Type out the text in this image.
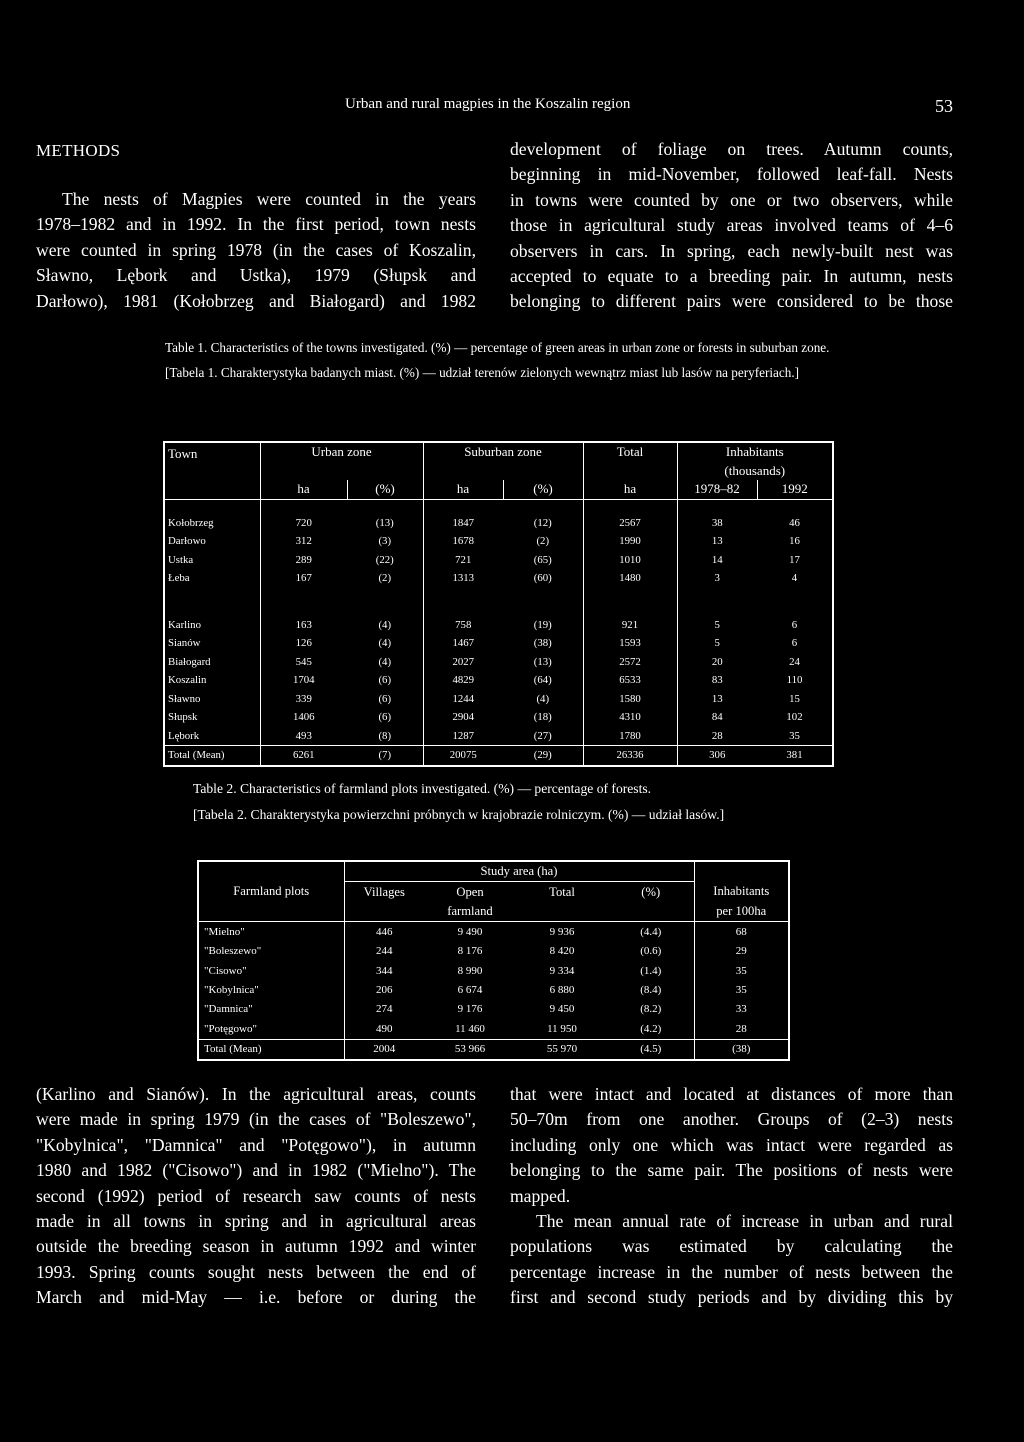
Urban and rural magpies in the Koszalin region	53
METHODS

The nests of Magpies were counted in the years

1978–1982 and in 1992. In the first period, town nests

were counted in spring 1978 (in the cases of Koszalin,

Sławno, Lębork and Ustka), 1979 (Słupsk and

Darłowo), 1981 (Kołobrzeg and Białogard) and 1982

development of foliage on trees. Autumn counts,

beginning in mid-November, followed leaf-fall. Nests

in towns were counted by one or two observers, while

those in agricultural study areas involved teams of 4–6

observers in cars. In spring, each newly-built nest was

accepted to equate to a breeding pair. In autumn, nests

belonging to different pairs were considered to be those

Table 1. Characteristics of the towns investigated. (%) — percentage of green areas in urban zone or forests in suburban zone.

[Tabela 1. Charakterystyka badanych miast. (%) — udział terenów zielonych wewnątrz miast lub lasów na peryferiach.]

Town	Urban zone		Suburban zone		Total	Inhabitants	
						(thousands)	
	ha	(%)	ha	(%)	ha	1978–82	1992

Kołobrzeg	720	(13)	1847	(12)	2567	38	46
Darłowo	312	(3)	1678	(2)	1990	13	16
Ustka	289	(22)	721	(65)	1010	14	17
Łeba	167	(2)	1313	(60)	1480	3	4

Karlino	163	(4)	758	(19)	921	5	6
Sianów	126	(4)	1467	(38)	1593	5	6
Białogard	545	(4)	2027	(13)	2572	20	24
Koszalin	1704	(6)	4829	(64)	6533	83	110
Sławno	339	(6)	1244	(4)	1580	13	15
Słupsk	1406	(6)	2904	(18)	4310	84	102
Lębork	493	(8)	1287	(27)	1780	28	35
Total (Mean)	6261	(7)	20075	(29)	26336	306	381

Table 2. Characteristics of farmland plots investigated. (%) — percentage of forests.

[Tabela 2. Charakterystyka powierzchni próbnych w krajobrazie rolniczym. (%) — udział lasów.]

	Study area (ha)				
Farmland plots	Villages	Open	Total	(%)	Inhabitants
		farmland			per 100ha
"Mielno"	446	9 490	9 936	(4.4)	68
"Boleszewo"	244	8 176	8 420	(0.6)	29
"Cisowo"	344	8 990	9 334	(1.4)	35
"Kobylnica"	206	6 674	6 880	(8.4)	35
"Damnica"	274	9 176	9 450	(8.2)	33
"Potęgowo"	490	11 460	11 950	(4.2)	28
Total (Mean)	2004	53 966	55 970	(4.5)	(38)

(Karlino and Sianów). In the agricultural areas, counts

were made in spring 1979 (in the cases of "Boleszewo",

"Kobylnica", "Damnica" and "Potęgowo"), in autumn

1980 and 1982 ("Cisowo") and in 1982 ("Mielno"). The

second (1992) period of research saw counts of nests

made in all towns in spring and in agricultural areas

outside the breeding season in autumn 1992 and winter

1993. Spring counts sought nests between the end of

March and mid-May — i.e. before or during the

that were intact and located at distances of more than

50–70m from one another. Groups of (2–3) nests

including only one which was intact were regarded as

belonging to the same pair. The positions of nests were

mapped.

The mean annual rate of increase in urban and rural

populations was estimated by calculating the

percentage increase in the number of nests between the

first and second study periods and by dividing this by
